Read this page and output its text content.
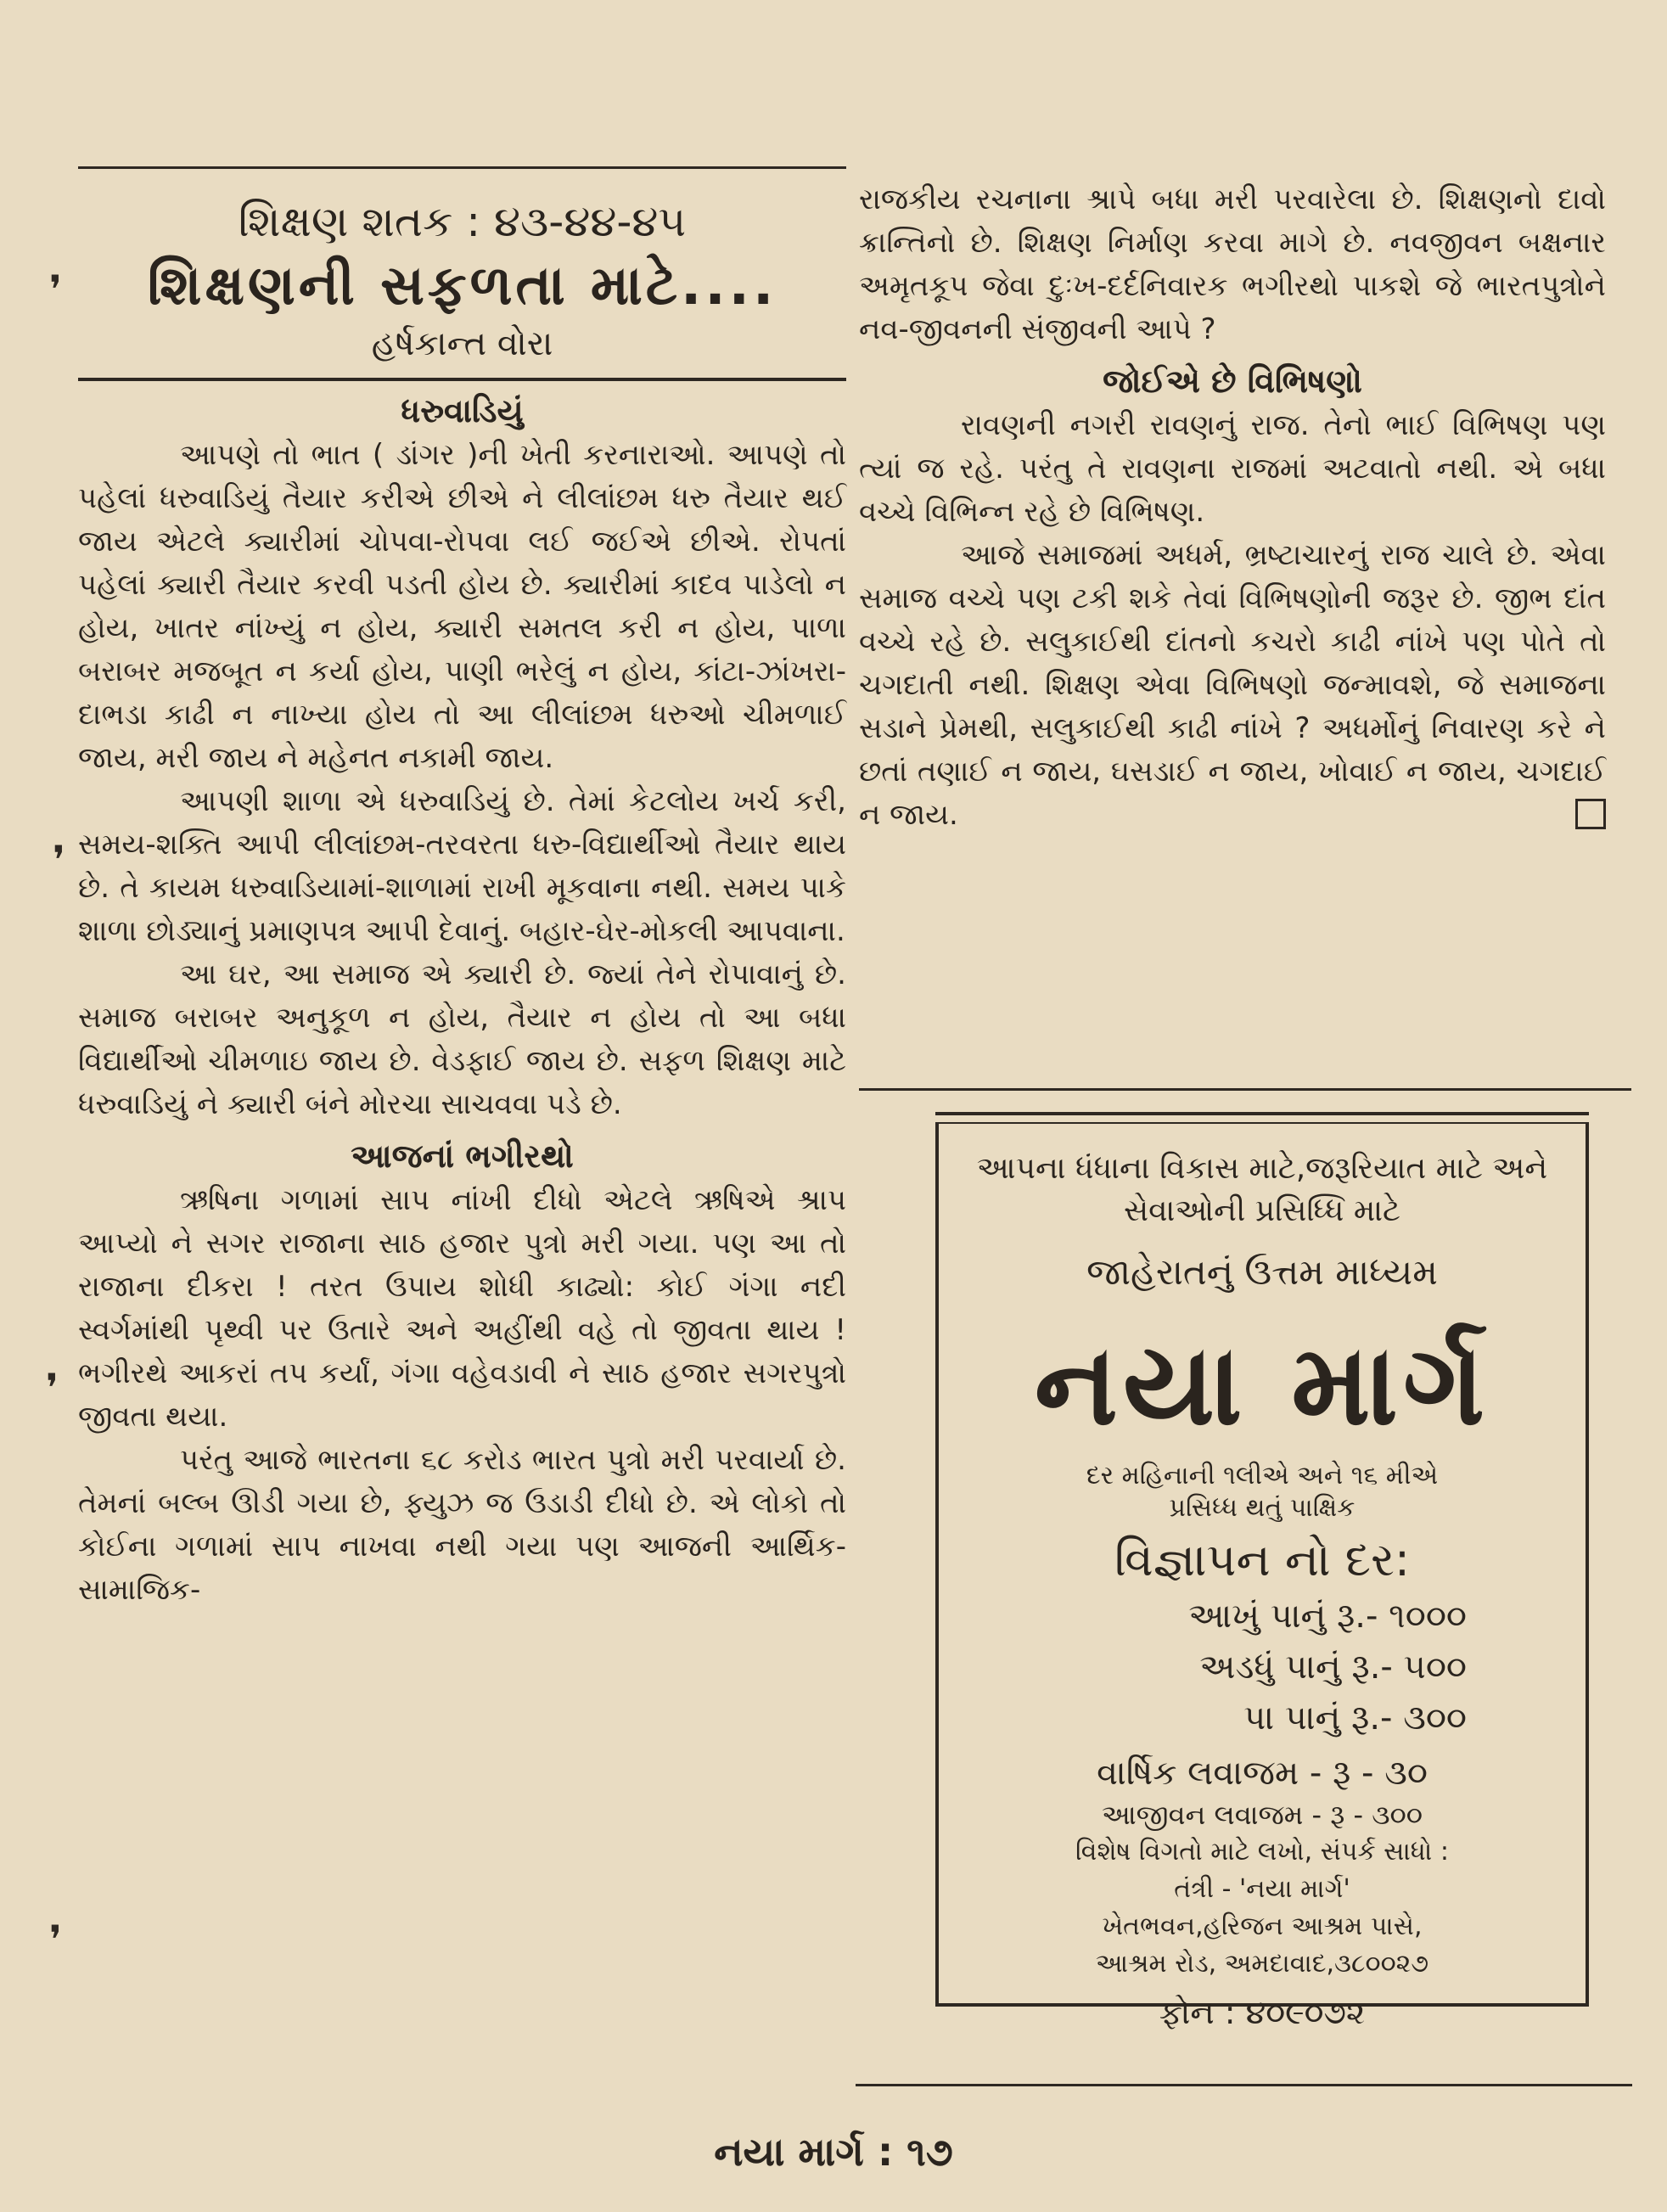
શિક્ષણ શતક : ૪૩-૪૪-૪૫
શિક્ષણની સફળતા માટે....
હર્ષકાન્ત વોરા
ધરુવાડિયું

આપણે તો ભાત ( ડાંગર )ની ખેતી કરનારાઓ. આપણે તો પહેલાં ધરુવાડિયું તૈયાર કરીએ છીએ ને લીલાંછમ ધરુ તૈયાર થઈ જાય એટલે ક્યારીમાં ચોપવા-રોપવા લઈ જઈએ છીએ. રોપતાં પહેલાં ક્યારી તૈયાર કરવી પડતી હોય છે. ક્યારીમાં કાદવ પાડેલો ન હોય, ખાતર નાંખ્યું ન હોય, ક્યારી સમતલ કરી ન હોય, પાળા બરાબર મજબૂત ન કર્યા હોય, પાણી ભરેલું ન હોય, કાંટા-ઝાંખરા-દાભડા કાઢી ન નાખ્યા હોય તો આ લીલાંછમ ધરુઓ ચીમળાઈ જાય, મરી જાય ને મહેનત નકામી જાય.

આપણી શાળા એ ધરુવાડિયું છે. તેમાં કેટલોય ખર્ચ કરી, સમય-શક્તિ આપી લીલાંછમ-તરવરતા ધરુ-વિદ્યાર્થીઓ તૈયાર થાય છે. તે કાયમ ધરુવાડિયામાં-શાળામાં રાખી મૂકવાના નથી. સમય પાકે શાળા છોડ્યાનું પ્રમાણપત્ર આપી દેવાનું. બહાર-ઘેર-મોકલી આપવાના.

આ ઘર, આ સમાજ એ ક્યારી છે. જ્યાં તેને રોપાવાનું છે. સમાજ બરાબર અનુકૂળ ન હોય, તૈયાર ન હોય તો આ બધા વિદ્યાર્થીઓ ચીમળાઇ જાય છે. વેડફાઈ જાય છે. સફળ શિક્ષણ માટે ધરુવાડિયું ને ક્યારી બંને મોરચા સાચવવા પડે છે.

આજનાં ભગીરથો

ઋષિના ગળામાં સાપ નાંખી દીધો એટલે ઋષિએ શ્રાપ આપ્યો ને સગર રાજાના સાઠ હજાર પુત્રો મરી ગયા. પણ આ તો રાજાના દીકરા ! તરત ઉપાય શોધી કાઢ્યો: કોઈ ગંગા નદી સ્વર્ગમાંથી પૃથ્વી પર ઉતારે અને અહીંથી વહે તો જીવતા થાય ! ભગીરથે આકરાં તપ કર્યાં, ગંગા વહેવડાવી ને સાઠ હજાર સગરપુત્રો જીવતા થયા.

પરંતુ આજે ભારતના ૬૮ કરોડ ભારત પુત્રો મરી પરવાર્યા છે. તેમનાં બલ્બ ઊડી ગયા છે, ફ્યુઝ જ ઉડાડી દીધો છે. એ લોકો તો કોઈના ગળામાં સાપ નાખવા નથી ગયા પણ આજની આર્થિક-સામાજિક-

રાજકીય રચનાના શ્રાપે બધા મરી પરવારેલા છે. શિક્ષણનો દાવો ક્રાન્તિનો છે. શિક્ષણ નિર્માણ કરવા માગે છે. નવજીવન બક્ષનાર અમૃતકૂપ જેવા દુઃખ-દર્દનિવારક ભગીરથો પાકશે જે ભારતપુત્રોને નવ-જીવનની સંજીવની આપે ?

જોઈએ છે વિભિષણો

રાવણની નગરી રાવણનું રાજ. તેનો ભાઈ વિભિષણ પણ ત્યાં જ રહે. પરંતુ તે રાવણના રાજમાં અટવાતો નથી. એ બધા વચ્ચે વિભિન્ન રહે છે વિભિષણ.

આજે સમાજમાં અધર્મ, ભ્રષ્ટાચારનું રાજ ચાલે છે. એવા સમાજ વચ્ચે પણ ટકી શકે તેવાં વિભિષણોની જરૂર છે. જીભ દાંત વચ્ચે રહે છે. સલુકાઈથી દાંતનો કચરો કાઢી નાંખે પણ પોતે તો ચગદાતી નથી. શિક્ષણ એવા વિભિષણો જન્માવશે, જે સમાજના સડાને પ્રેમથી, સલુકાઈથી કાઢી નાંખે ? અધર્મોનું નિવારણ કરે ને છતાં તણાઈ ન જાય, ઘસડાઈ ન જાય, ખોવાઈ ન જાય, ચગદાઈ ન જાય.

આપના ધંધાના વિકાસ માટે,જરૂરિયાત માટે અને
સેવાઓની પ્રસિધ્ધિ માટે
જાહેરાતનું ઉત્તમ માધ્યમ
નયા માર્ગ
દર મહિનાની ૧લીએ અને ૧૬ મીએ
પ્રસિધ્ધ થતું પાક્ષિક
વિજ્ઞાપન નો દર:
આખું પાનું રૂ.- ૧૦૦૦
અડધું પાનું રૂ.- ૫૦૦
પા પાનું રૂ.- ૩૦૦
વાર્ષિક લવાજમ - રૂ - ૩૦
આજીવન લવાજમ - રૂ - ૩૦૦
વિશેષ વિગતો માટે લખો, સંપર્ક સાધો :
તંત્રી - 'નયા માર્ગ'
ખેતભવન,હરિજન આશ્રમ પાસે,
આશ્રમ રોડ, અમદાવાદ,૩૮૦૦૨૭
ફોન : ૪૦૯૦૭૨
નયા માર્ગ : ૧૭
❜
❜
❜
❜
